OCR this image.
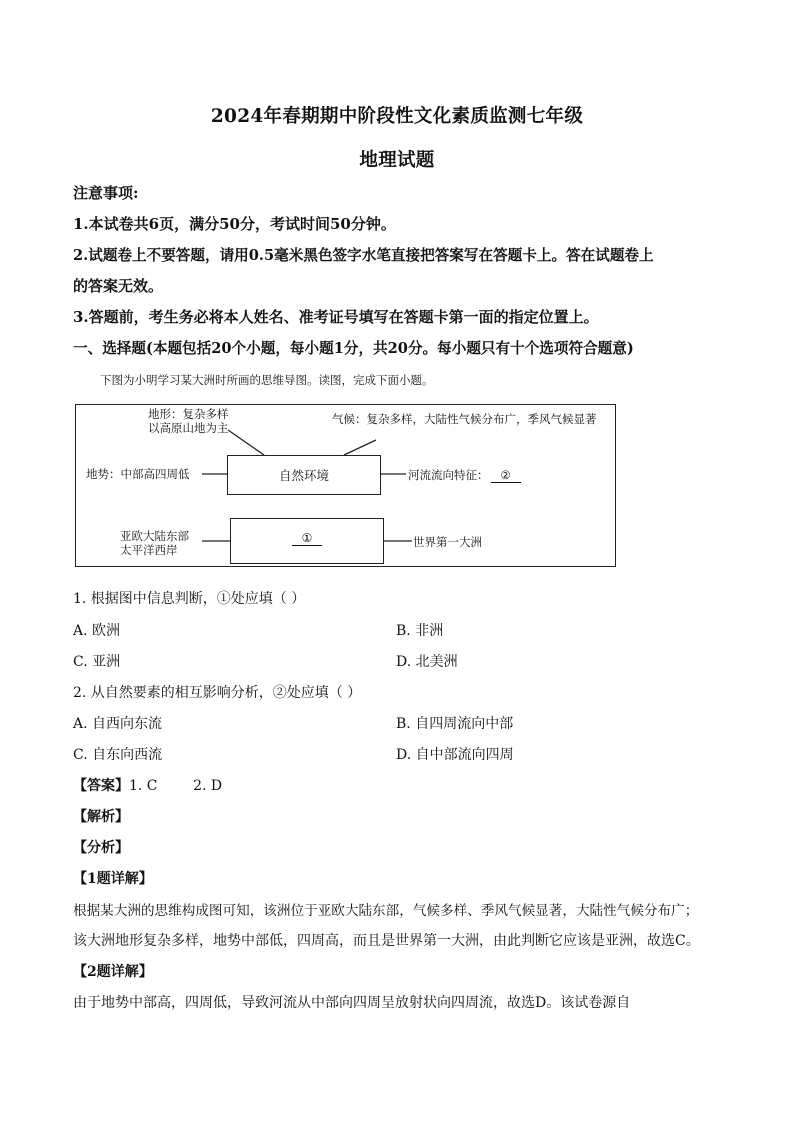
2024年春期期中阶段性文化素质监测七年级
地理试题
注意事项:
1.本试卷共6页，满分50分，考试时间50分钟。
2.试题卷上不要答题，请用0.5毫米黑色签字水笔直接把答案写在答题卡上。答在试题卷上
的答案无效。
3.答题前，考生务必将本人姓名、准考证号填写在答题卡第一面的指定位置上。
一、选择题(本题包括20个小题，每小题1分，共20分。每小题只有十个选项符合题意)
下图为小明学习某大洲时所画的思维导图。读图，完成下面小题。
地形：复杂多样
以高原山地为主
气候：复杂多样，大陆性气候分布广，季风气候显著
地势：中部高四周低	自然环境	河流流向特征： ②
亚欧大陆东部
太平洋西岸
①	世界第一大洲
1. 根据图中信息判断，①处应填（ ）
A. 欧洲	B. 非洲
C. 亚洲	D. 北美洲
2. 从自然要素的相互影响分析，②处应填（ ）
A. 自西向东流	B. 自四周流向中部
C. 自东向西流	D. 自中部流向四周
【答案】1. C        2. D
【解析】
【分析】
【1题详解】
根据某大洲的思维构成图可知，该洲位于亚欧大陆东部，气候多样、季风气候显著，大陆性气候分布广；
该大洲地形复杂多样，地势中部低，四周高，而且是世界第一大洲，由此判断它应该是亚洲，故选C。
【2题详解】
由于地势中部高，四周低，导致河流从中部向四周呈放射状向四周流，故选D。该试卷源自
